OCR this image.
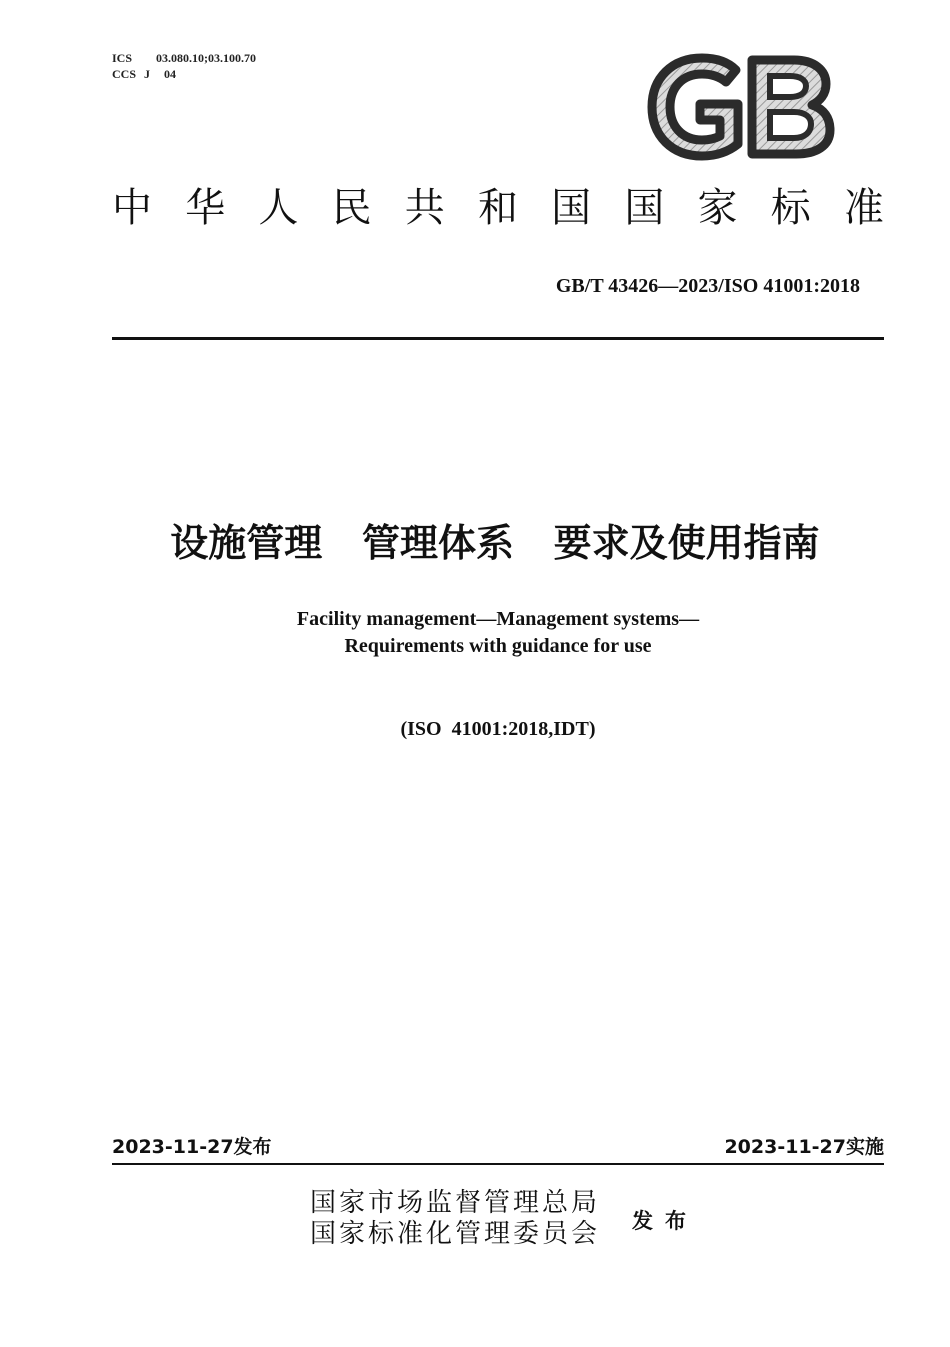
ICS	03.080.10;03.100.70
CCS J	04
中 华 人 民 共 和 国 国 家 标 准
GB/T 43426—2023/ISO 41001:2018
设施管理   管理体系   要求及使用指南
Facility management—Management systems—
Requirements with guidance for use
(ISO  41001:2018,IDT)
2023-11-27发布	2023-11-27实施
国家市场监督管理总局
国家标准化管理委员会 发布
